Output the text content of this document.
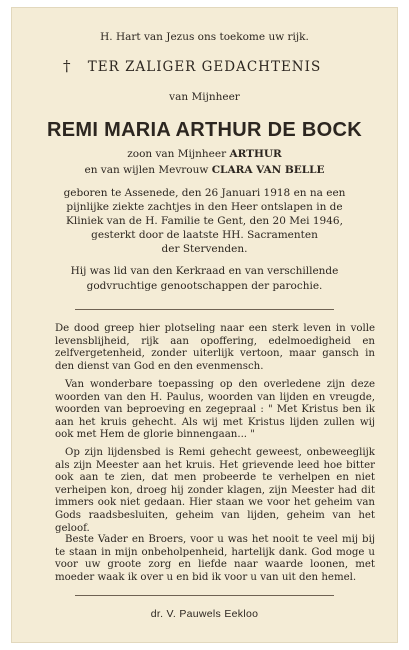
H. Hart van Jezus ons toekome uw rijk.
†	TER ZALIGER GEDACHTENIS
van Mijnheer
REMI MARIA ARTHUR DE BOCK
zoon van Mijnheer ARTHUR
en van wijlen Mevrouw CLARA VAN BELLE
geboren te Assenede, den 26 Januari 1918 en na een
pijnlijke ziekte zachtjes in den Heer ontslapen in de
Kliniek van de H. Familie te Gent, den 20 Mei 1946,
gesterkt door de laatste HH. Sacramenten
der Stervenden.
Hij was lid van den Kerkraad en van verschillende
godvruchtige genootschappen der parochie.
De dood greep hier plotseling naar een sterk leven in volle levensblijheid, rijk aan opoffering, edelmoedigheid en zelfvergetenheid, zonder uiterlijk vertoon, maar gansch in den dienst van God en den evenmensch.
Van wonderbare toepassing op den overledene zijn deze woorden van den H. Paulus, woorden van lijden en vreugde, woorden van beproeving en zegepraal : " Met Kristus ben ik aan het kruis gehecht. Als wij met Kristus lijden zullen wij ook met Hem de glorie binnengaan... "
Op zijn lijdensbed is Remi gehecht geweest, onbeweeglijk als zijn Meester aan het kruis. Het grievende leed hoe bitter ook aan te zien, dat men probeerde te verhelpen en niet verheipen kon, droeg hij zonder klagen, zijn Meester had dit immers ook niet gedaan. Hier staan we voor het geheim van Gods raadsbesluiten, geheim van lijden, geheim van het geloof.
Beste Vader en Broers, voor u was het nooit te veel mij bij te staan in mijn onbeholpenheid, hartelijk dank. God moge u voor uw groote zorg en liefde naar waarde loonen, met moeder waak ik over u en bid ik voor u van uit den hemel.
dr. V. Pauwels Eekloo
